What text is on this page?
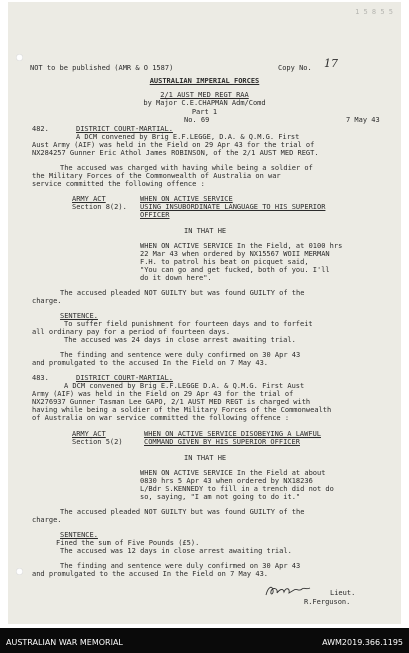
1 5 8 5 5
NOT to be published (AMR & O 1587)	Copy No. 17
AUSTRALIAN IMPERIAL FORCES
2/1 AUST MED REGT RAA
by Major C.E.CHAPMAN Adm/Comd
Part 1
No. 69	7 May 43
482.	DISTRICT COURT-MARTIAL.
A DCM convened by Brig E.F.LEGGE, D.A. & Q.M.G. First
Aust Army (AIF) was held in the Field on 29 Apr 43 for the trial of
NX284257 Gunner Eric Athol James ROBINSON, of the 2/1 AUST MED REGT.
The accused was charged with having while being a soldier of
the Military Forces of the Commonwealth of Australia on war
service committed the following offence :
ARMY ACT
Section 8(2).
WHEN ON ACTIVE SERVICE
USING INSUBORDINATE LANGUAGE TO HIS SUPERIOR
OFFICER
IN THAT HE
WHEN ON ACTIVE SERVICE In the Field, at 0100 hrs
22 Mar 43 when ordered by NX15567 WOII MERMAN
F.H. to patrol his beat on picquet said,
"You can go and get fucked, both of you. I'll
do it down here".
The accused pleaded NOT GUILTY but was found GUILTY of the
charge.
SENTENCE.
To suffer field punishment for fourteen days and to forfeit
all ordinary pay for a period of fourteen days.
The accused was 24 days in close arrest awaiting trial.
The finding and sentence were duly confirmed on 30 Apr 43
and promulgated to the accused In the Field on 7 May 43.
483.	DISTRICT COURT-MARTIAL.
A DCM convened by Brig E.F.LEGGE D.A. & Q.M.G. First Aust
Army (AIF) was held in the Field on 29 Apr 43 for the trial of
NX276937 Gunner Tasman Lee GAPO, 2/1 AUST MED REGT is charged with
having while being a soldier of the Military Forces of the Commonwealth
of Australia on war service committed the following offence :
ARMY ACT
Section 5(2)
WHEN ON ACTIVE SERVICE DISOBEYING A LAWFUL
COMMAND GIVEN BY HIS SUPERIOR OFFICER
IN THAT HE
WHEN ON ACTIVE SERVICE In the Field at about
0830 hrs 5 Apr 43 when ordered by NX18236
L/Bdr S.KENNEDY to fill in a trench did not do
so, saying, "I am not going to do it."
The accused pleaded NOT GUILTY but was found GUILTY of the
charge.
SENTENCE.
Fined the sum of Five Pounds (£5).
The accused was 12 days in close arrest awaiting trial.
The finding and sentence were duly confirmed on 30 Apr 43
and promulgated to the accused In the Field on 7 May 43.
Lieut.
R.Ferguson.
AUSTRALIAN WAR MEMORIAL	AWM2019.366.1195
